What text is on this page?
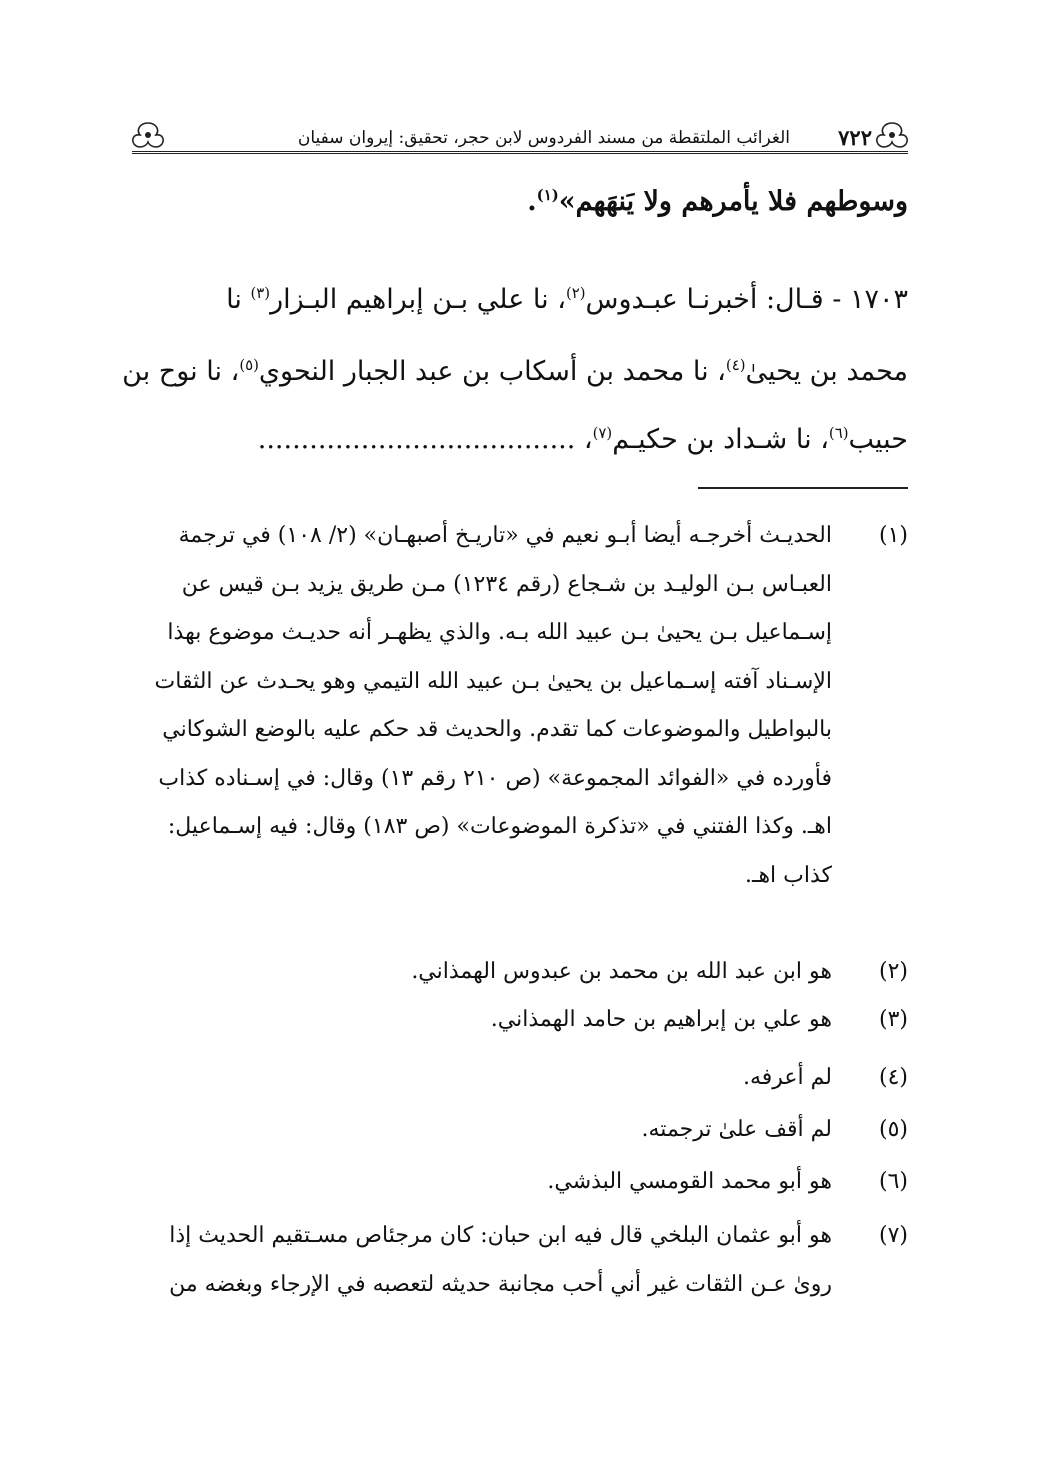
٧٢٢
الغرائب الملتقطة من مسند الفردوس لابن حجر، تحقيق: إيروان سفيان
وسوطهم فلا يأمرهم ولا يَنهَهم»$^{(١)}$.
١٧٠٣ - قـال: أخبرنـا عبـدوس$^{(٢)}$، نا علي بـن إبراهيم البـزار$^{(٣)}$ نا
محمد بن يحيىٰ$^{(٤)}$، نا محمد بن أسكاب بن عبد الجبار النحوي$^{(٥)}$، نا نوح بن
حبيب$^{(٦)}$، نا شـداد بن حكيـم$^{(٧)}$، .....................................
(١)
الحديـث أخرجـه أيضا أبـو نعيم في «تاريـخ أصبهـان» (٢/ ١٠٨) في ترجمة
العبـاس بـن الوليـد بن شـجاع (رقم ١٢٣٤) مـن طريق يزيد بـن قيس عن
إسـماعيل بـن يحيىٰ بـن عبيد الله بـه. والذي يظهـر أنه حديـث موضوع بهذا
الإسـناد آفته إسـماعيل بن يحيىٰ بـن عبيد الله التيمي وهو يحـدث عن الثقات
بالبواطيل والموضوعات كما تقدم. والحديث قد حكم عليه بالوضع الشوكاني
فأورده في «الفوائد المجموعة» (ص ٢١٠ رقم ١٣) وقال: في إسـناده كذاب
اهـ. وكذا الفتني في «تذكرة الموضوعات» (ص ١٨٣) وقال: فيه إسـماعيل:
كذاب اهـ.
(٢)
هو ابن عبد الله بن محمد بن عبدوس الهمذاني.
(٣)
هو علي بن إبراهيم بن حامد الهمذاني.
(٤)
لم أعرفه.
(٥)
لم أقف علىٰ ترجمته.
(٦)
هو أبو محمد القومسي البذشي.
(٧)
هو أبو عثمان البلخي قال فيه ابن حبان: كان مرجئاص مسـتقيم الحديث إذا
رویٰ عـن الثقات غير أني أحب مجانبة حديثه لتعصبه في الإرجاء وبغضه من
